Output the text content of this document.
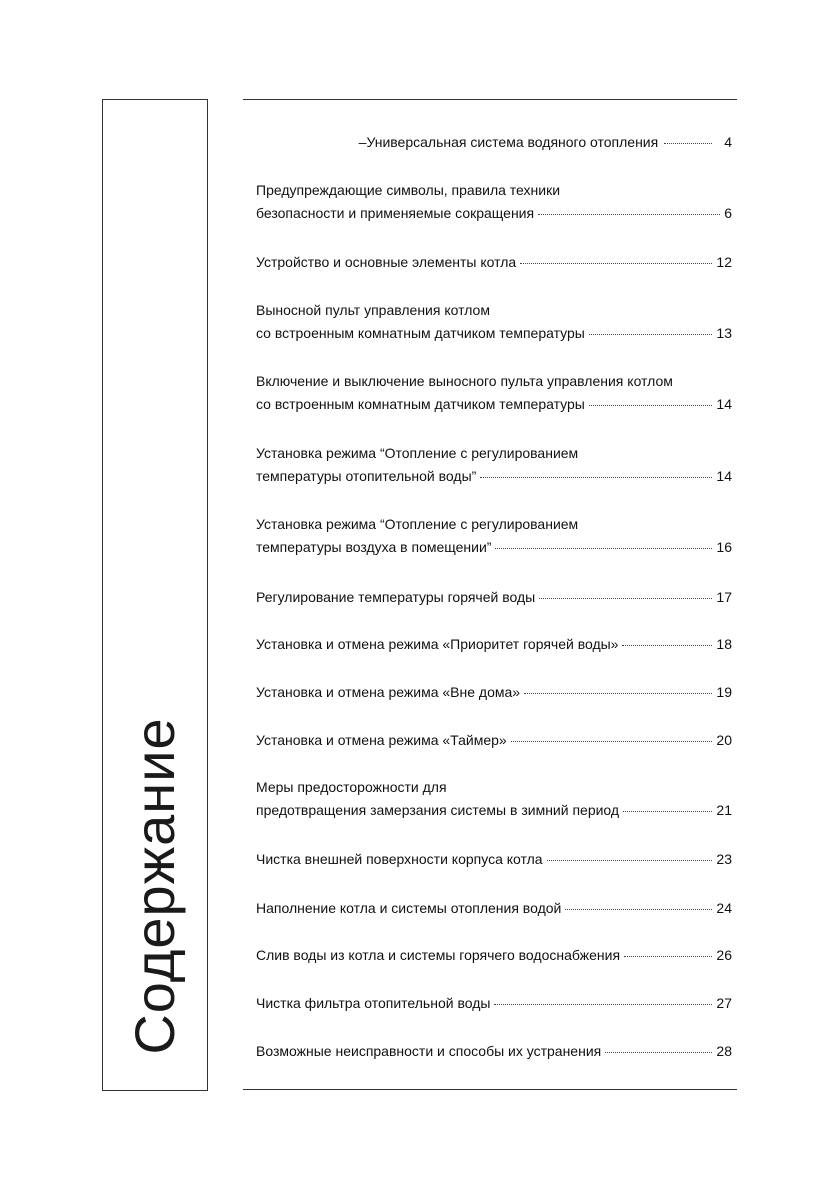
Содержание
–Универсальная система водяного отопления	4
Предупреждающие символы, правила техники
безопасности и применяемые сокращения	6
Устройство и основные элементы котла	12
Выносной пульт управления котлом
со встроенным комнатным датчиком температуры	13
Включение и выключение выносного пульта управления котлом
со встроенным комнатным датчиком температуры	14
Установка режима “Отопление с регулированием
температуры отопительной воды”	14
Установка режима “Отопление с регулированием
температуры воздуха в помещении”	16
Регулирование температуры горячей воды	17
Установка и отмена режима «Приоритет горячей воды»	18
Установка и отмена режима «Вне дома»	19
Установка и отмена режима «Таймер»	20
Меры предосторожности для
предотвращения замерзания системы в зимний период	21
Чистка внешней поверхности корпуса котла	23
Наполнение котла и системы отопления водой	24
Слив воды из котла и системы горячего водоснабжения	26
Чистка фильтра отопительной воды	27
Возможные неисправности и способы их устранения	28
